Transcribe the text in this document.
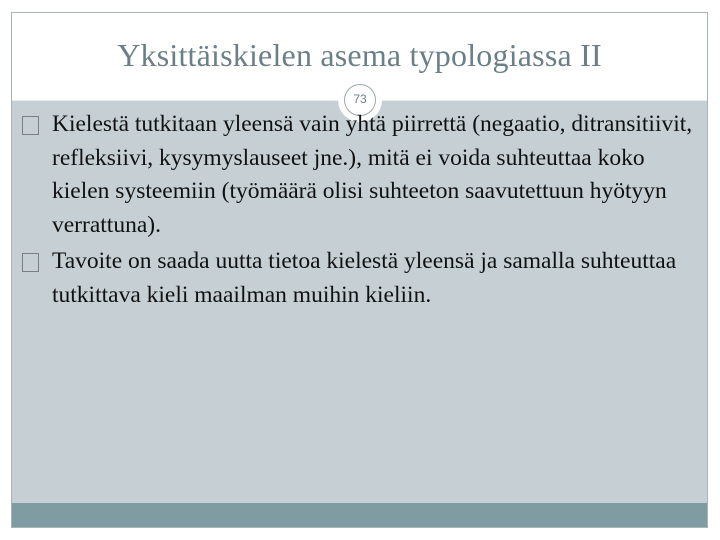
Yksittäiskielen asema typologiassa II
73
Kielestä tutkitaan yleensä vain yhtä piirrettä (negaatio, ditransitiivit, refleksiivi, kysymyslauseet jne.), mitä ei voida suhteuttaa koko kielen systeemiin (työmäärä olisi suhteeton saavutettuun hyötyyn verrattuna).
Tavoite on saada uutta tietoa kielestä yleensä ja samalla suhteuttaa tutkittava kieli maailman muihin kieliin.
